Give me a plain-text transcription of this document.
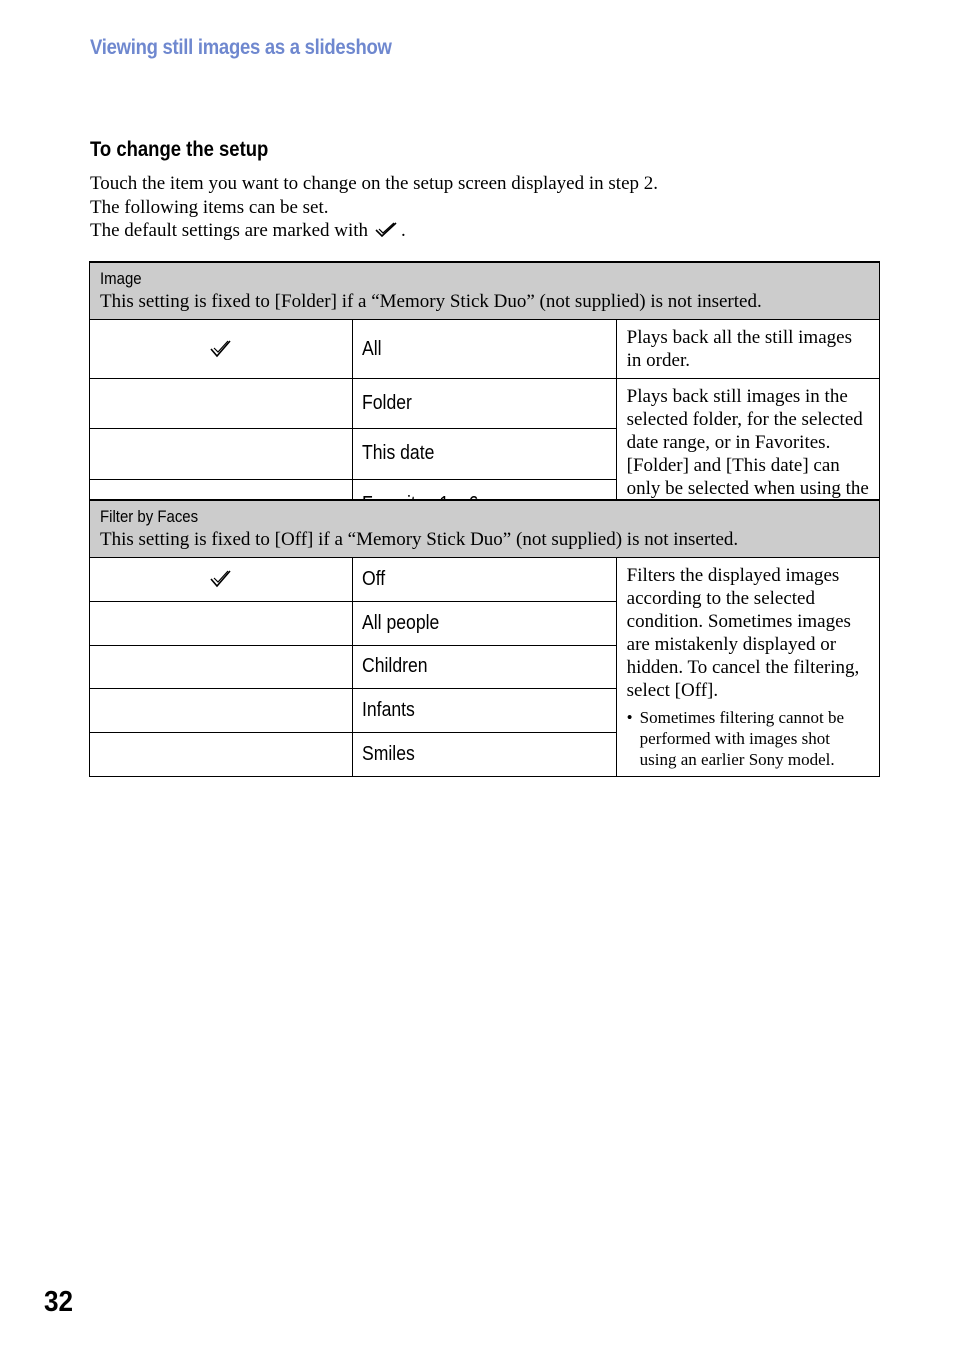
Viewing still images as a slideshow
To change the setup
Touch the item you want to change on the setup screen displayed in step 2.
The following items can be set.
The default settings are marked with .
Image
This setting is fixed to [Folder] if a “Memory Stick Duo” (not supplied) is not inserted.		

	All	Plays back all the still images in order.
	Folder	Plays back still images in the selected folder, for the selected date range, or in Favorites. [Folder] and [This date] can only be selected when using the
	This date	

Filter by Faces
This setting is fixed to [Off] if a “Memory Stick Duo” (not supplied) is not inserted.		

	Off	Filters the displayed images according to the selected condition. Sometimes images are mistakenly displayed or hidden. To cancel the filtering, select [Off].
• Sometimes filtering cannot be performed with images shot using an earlier Sony model.

	All people	
	Children	
	Infants	
	Smiles	
32
